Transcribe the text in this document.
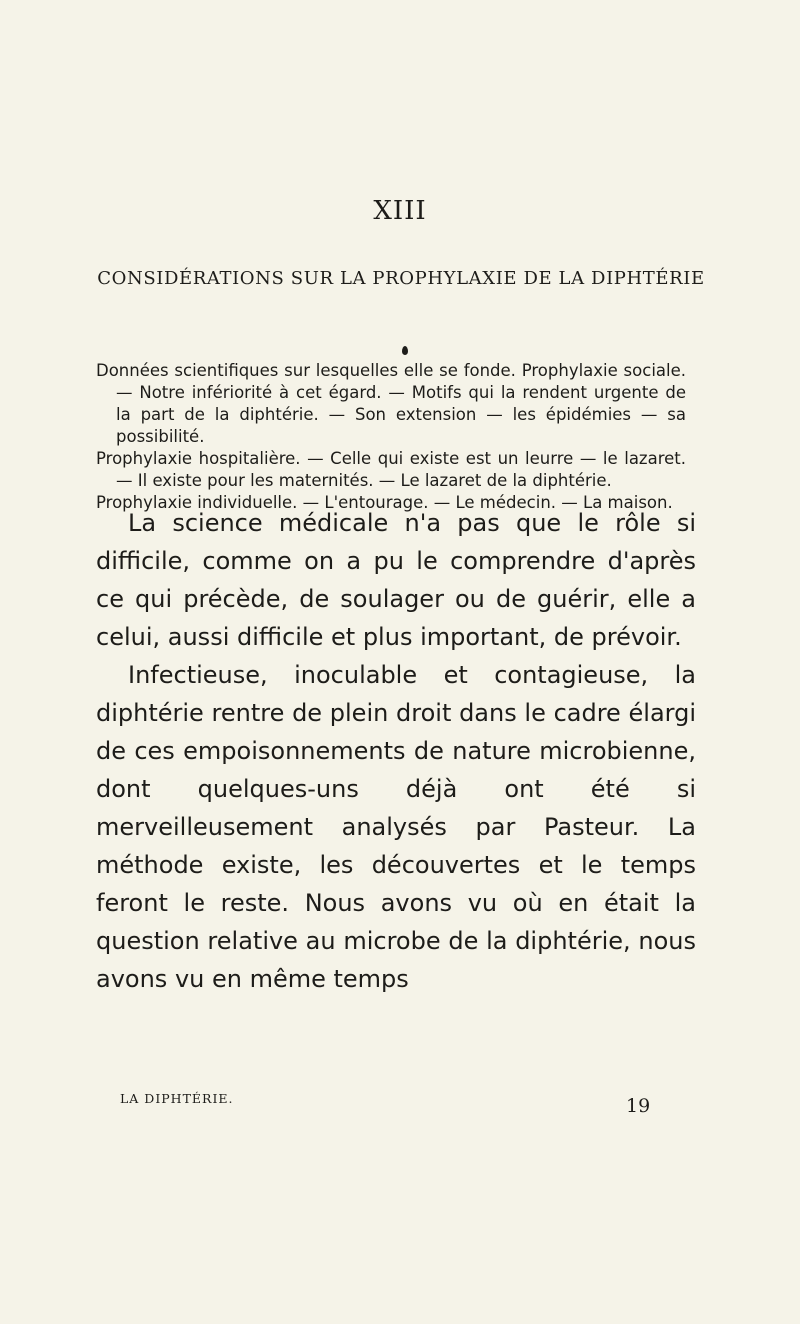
XIII
CONSIDÉRATIONS SUR LA PROPHYLAXIE DE LA DIPHTÉRIE

Données scientifiques sur lesquelles elle se fonde. Prophylaxie sociale. — Notre infériorité à cet égard. — Motifs qui la rendent urgente de la part de la diphtérie. — Son extension — les épidémies — sa possibilité.

Prophylaxie hospitalière. — Celle qui existe est un leurre — le lazaret. — Il existe pour les maternités. — Le lazaret de la diphtérie.

Prophylaxie individuelle. — L'entourage. — Le médecin. — La maison.

La science médicale n'a pas que le rôle si difficile, comme on a pu le comprendre d'après ce qui précède, de soulager ou de guérir, elle a celui, aussi difficile et plus important, de prévoir.

Infectieuse, inoculable et contagieuse, la diphtérie rentre de plein droit dans le cadre élargi de ces empoisonnements de nature microbienne, dont quelques-uns déjà ont été si merveilleusement analysés par Pasteur. La méthode existe, les découvertes et le temps feront le reste. Nous avons vu où en était la question relative au microbe de la diphtérie, nous avons vu en même temps

LA DIPHTÉRIE.	19
